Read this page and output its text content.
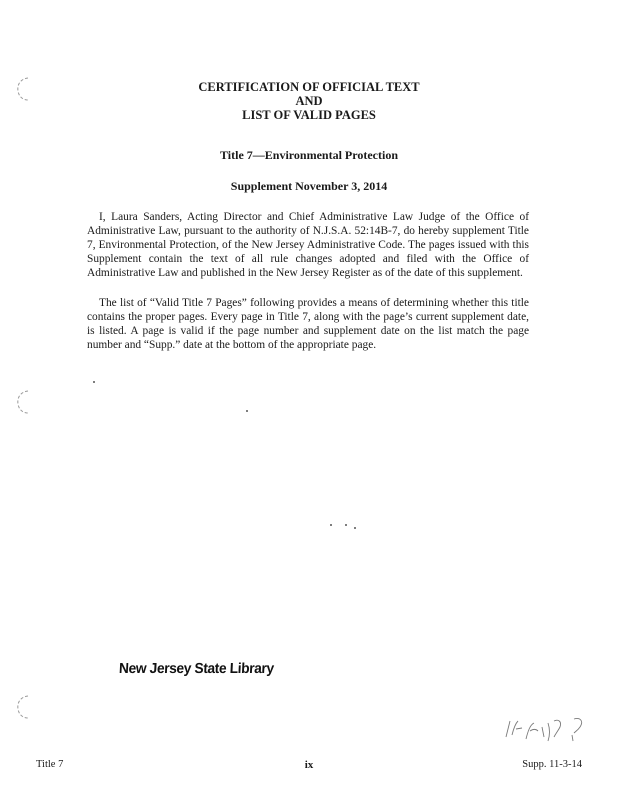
CERTIFICATION OF OFFICIAL TEXT
AND
LIST OF VALID PAGES
Title 7—Environmental Protection
Supplement November 3, 2014

I, Laura Sanders, Acting Director and Chief Administrative Law Judge of the Office of Administrative Law, pursuant to the authority of N.J.S.A. 52:14B-7, do hereby supplement Title 7, Environmental Protection, of the New Jersey Administrative Code. The pages issued with this Supplement contain the text of all rule changes adopted and filed with the Office of Administrative Law and published in the New Jersey Register as of the date of this supplement.

The list of “Valid Title 7 Pages” following provides a means of determining whether this title contains the proper pages. Every page in Title 7, along with the page’s current supplement date, is listed. A page is valid if the page number and supplement date on the list match the page number and “Supp.” date at the bottom of the appropriate page.

New Jersey State Library
Title 7	ix	Supp. 11-3-14
